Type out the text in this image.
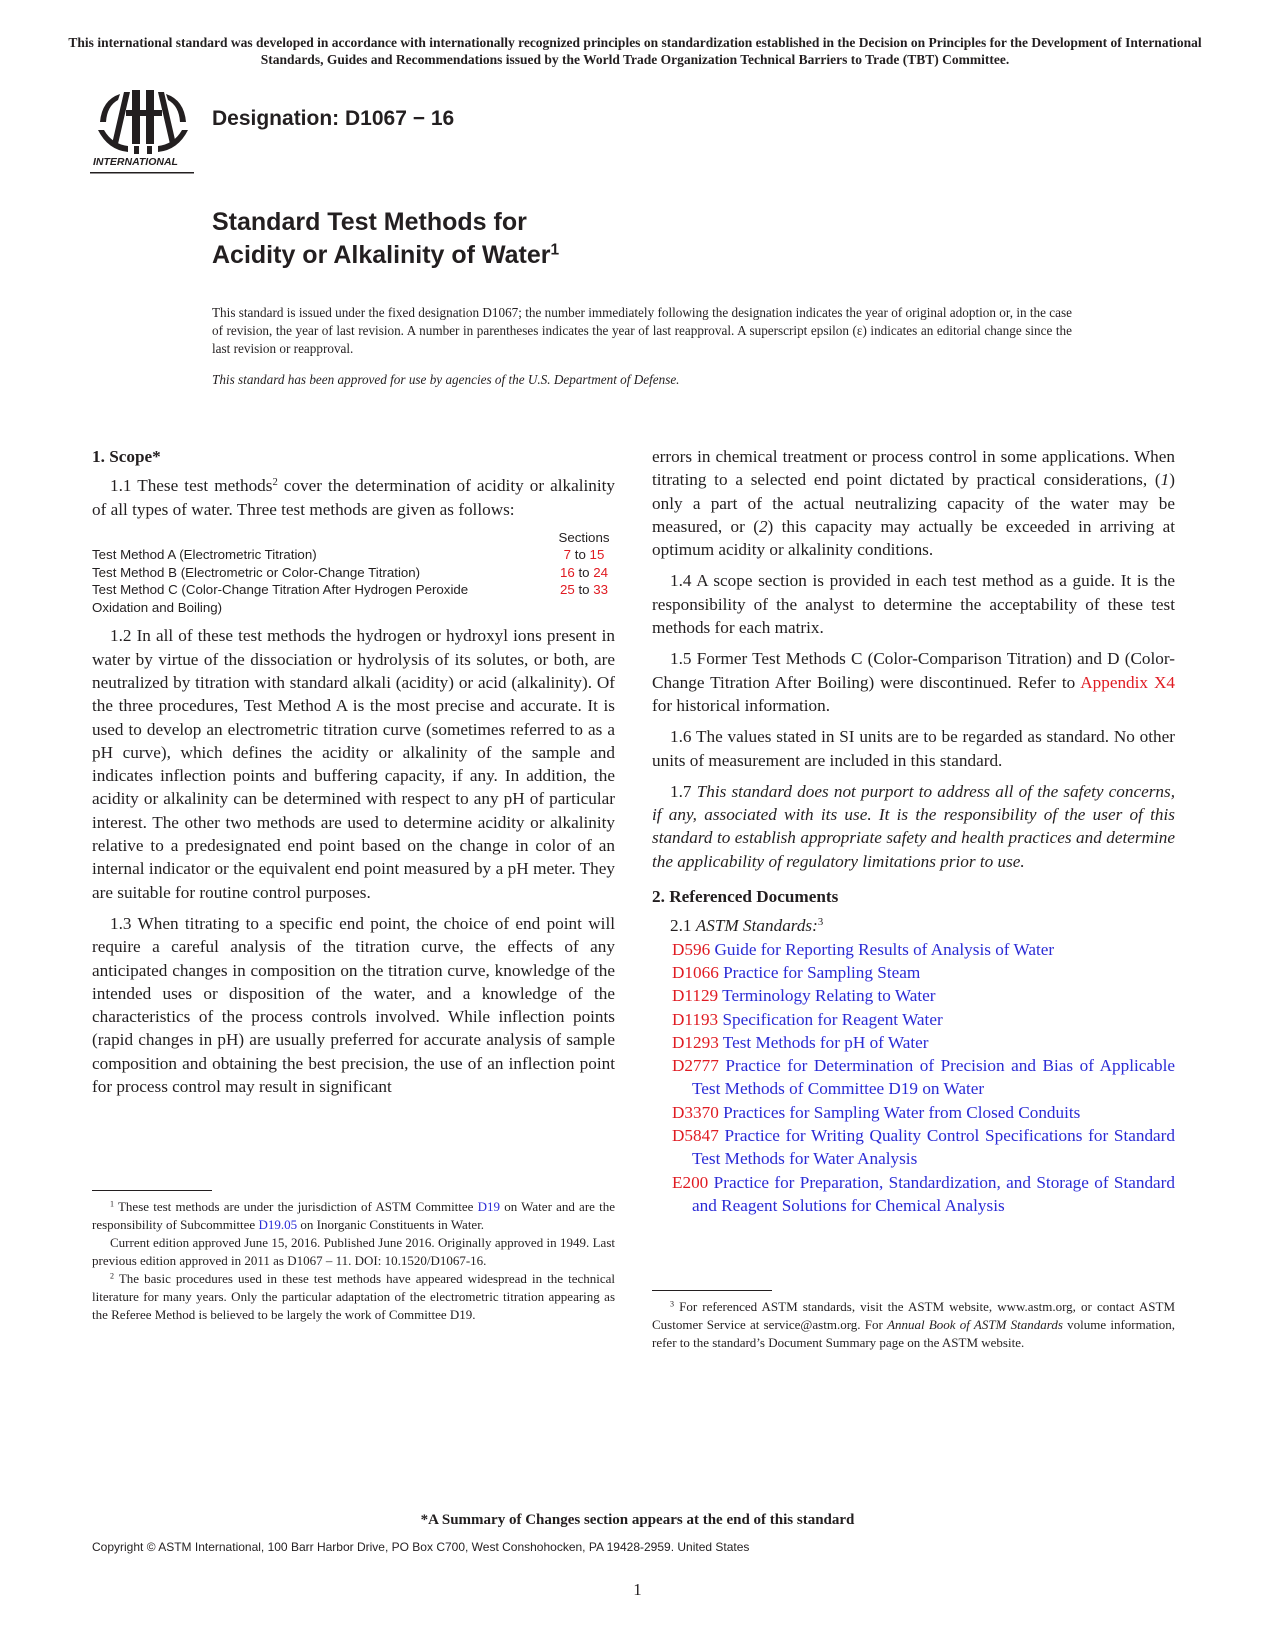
This international standard was developed in accordance with internationally recognized principles on standardization established in the Decision on Principles for the Development of International Standards, Guides and Recommendations issued by the World Trade Organization Technical Barriers to Trade (TBT) Committee.
INTERNATIONAL
Designation: D1067 − 16
Standard Test Methods for
Acidity or Alkalinity of Water$^1$
This standard is issued under the fixed designation D1067; the number immediately following the designation indicates the year of original adoption or, in the case of revision, the year of last revision. A number in parentheses indicates the year of last reapproval. A superscript epsilon (ε) indicates an editorial change since the last revision or reapproval.
This standard has been approved for use by agencies of the U.S. Department of Defense.
1. Scope*
1.1 These test methods$^2$ cover the determination of acidity or alkalinity of all types of water. Three test methods are given as follows:
Sections
Test Method A (Electrometric Titration)	7 to 15
Test Method B (Electrometric or Color-Change Titration)	16 to 24
Test Method C (Color-Change Titration After Hydrogen Peroxide Oxidation and Boiling)
25 to 33
1.2 In all of these test methods the hydrogen or hydroxyl ions present in water by virtue of the dissociation or hydrolysis of its solutes, or both, are neutralized by titration with standard alkali (acidity) or acid (alkalinity). Of the three procedures, Test Method A is the most precise and accurate. It is used to develop an electrometric titration curve (sometimes referred to as a pH curve), which defines the acidity or alkalinity of the sample and indicates inflection points and buffering capacity, if any. In addition, the acidity or alkalinity can be determined with respect to any pH of particular interest. The other two methods are used to determine acidity or alkalinity relative to a predesignated end point based on the change in color of an internal indicator or the equivalent end point measured by a pH meter. They are suitable for routine control purposes.
1.3 When titrating to a specific end point, the choice of end point will require a careful analysis of the titration curve, the effects of any anticipated changes in composition on the titration curve, knowledge of the intended uses or disposition of the water, and a knowledge of the characteristics of the process controls involved. While inflection points (rapid changes in pH) are usually preferred for accurate analysis of sample composition and obtaining the best precision, the use of an inflection point for process control may result in significant
errors in chemical treatment or process control in some applications. When titrating to a selected end point dictated by practical considerations, (1) only a part of the actual neutralizing capacity of the water may be measured, or (2) this capacity may actually be exceeded in arriving at optimum acidity or alkalinity conditions.
1.4 A scope section is provided in each test method as a guide. It is the responsibility of the analyst to determine the acceptability of these test methods for each matrix.
1.5 Former Test Methods C (Color-Comparison Titration) and D (Color-Change Titration After Boiling) were discontinued. Refer to Appendix X4 for historical information.
1.6 The values stated in SI units are to be regarded as standard. No other units of measurement are included in this standard.
1.7 This standard does not purport to address all of the safety concerns, if any, associated with its use. It is the responsibility of the user of this standard to establish appropriate safety and health practices and determine the applicability of regulatory limitations prior to use.
2. Referenced Documents
2.1 ASTM Standards:$^3$
D596 Guide for Reporting Results of Analysis of Water
D1066 Practice for Sampling Steam
D1129 Terminology Relating to Water
D1193 Specification for Reagent Water
D1293 Test Methods for pH of Water
D2777 Practice for Determination of Precision and Bias of Applicable Test Methods of Committee D19 on Water
D3370 Practices for Sampling Water from Closed Conduits
D5847 Practice for Writing Quality Control Specifications for Standard Test Methods for Water Analysis
E200 Practice for Preparation, Standardization, and Storage of Standard and Reagent Solutions for Chemical Analysis

$^1$ These test methods are under the jurisdiction of ASTM Committee D19 on Water and are the responsibility of Subcommittee D19.05 on Inorganic Constituents in Water.

Current edition approved June 15, 2016. Published June 2016. Originally approved in 1949. Last previous edition approved in 2011 as D1067 – 11. DOI: 10.1520/D1067-16.

$^2$ The basic procedures used in these test methods have appeared widespread in the technical literature for many years. Only the particular adaptation of the electrometric titration appearing as the Referee Method is believed to be largely the work of Committee D19.

$^3$ For referenced ASTM standards, visit the ASTM website, www.astm.org, or contact ASTM Customer Service at service@astm.org. For Annual Book of ASTM Standards volume information, refer to the standard’s Document Summary page on the ASTM website.

*A Summary of Changes section appears at the end of this standard
Copyright © ASTM International, 100 Barr Harbor Drive, PO Box C700, West Conshohocken, PA 19428-2959. United States
1
